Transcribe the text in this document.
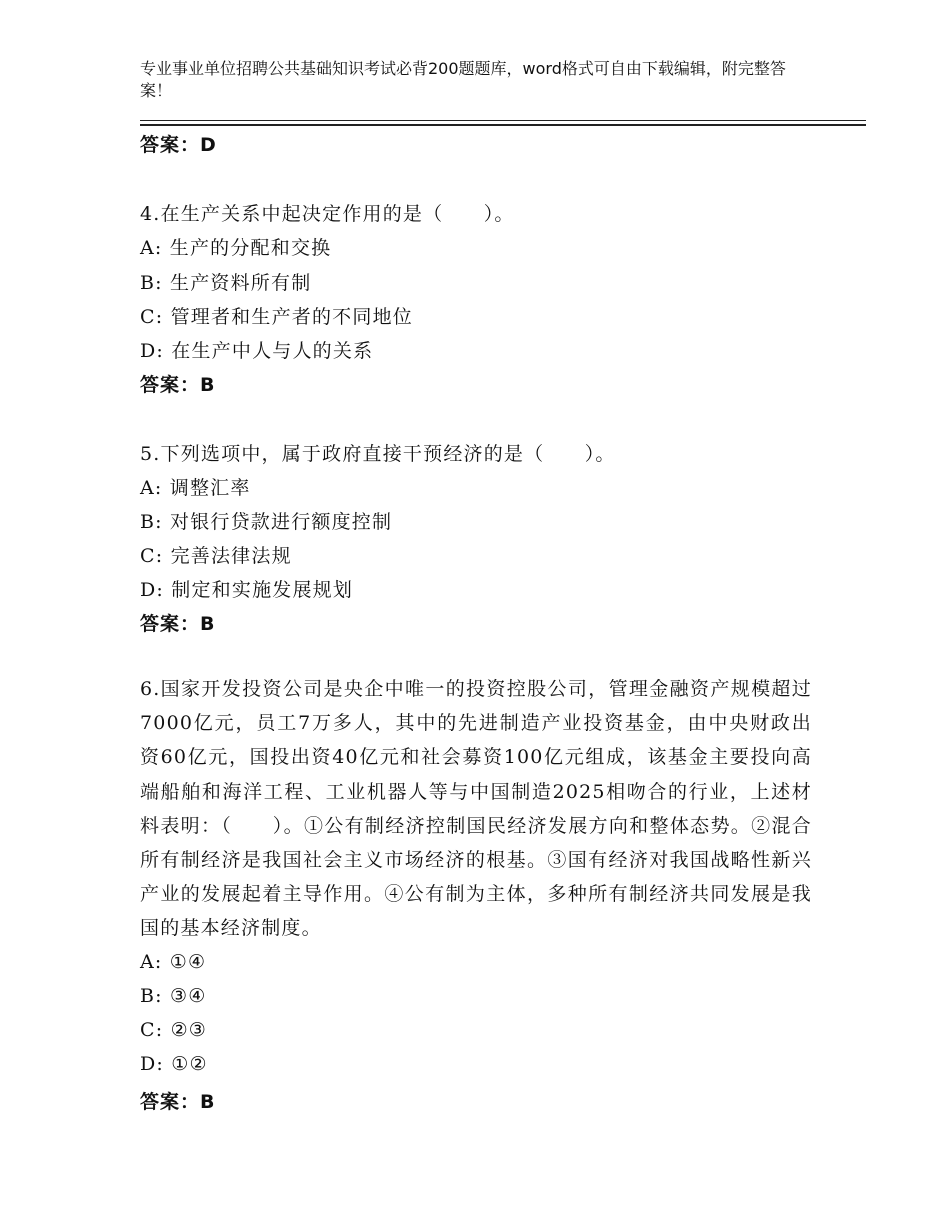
专业事业单位招聘公共基础知识考试必背200题题库，word格式可自由下载编辑，附完整答案！
答案：D
4.在生产关系中起决定作用的是（　　）。
A: 生产的分配和交换
B: 生产资料所有制
C: 管理者和生产者的不同地位
D: 在生产中人与人的关系
答案：B
5.下列选项中，属于政府直接干预经济的是（　　）。
A: 调整汇率
B: 对银行贷款进行额度控制
C: 完善法律法规
D: 制定和实施发展规划
答案：B
6.国家开发投资公司是央企中唯一的投资控股公司，管理金融资产规模超过7000亿元，员工7万多人，其中的先进制造产业投资基金，由中央财政出资60亿元，国投出资40亿元和社会募资100亿元组成，该基金主要投向高端船舶和海洋工程、工业机器人等与中国制造2025相吻合的行业，上述材料表明：（　　）。①公有制经济控制国民经济发展方向和整体态势。②混合所有制经济是我国社会主义市场经济的根基。③国有经济对我国战略性新兴产业的发展起着主导作用。④公有制为主体，多种所有制经济共同发展是我国的基本经济制度。
A: ①④
B: ③④
C: ②③
D: ①②
答案：B
